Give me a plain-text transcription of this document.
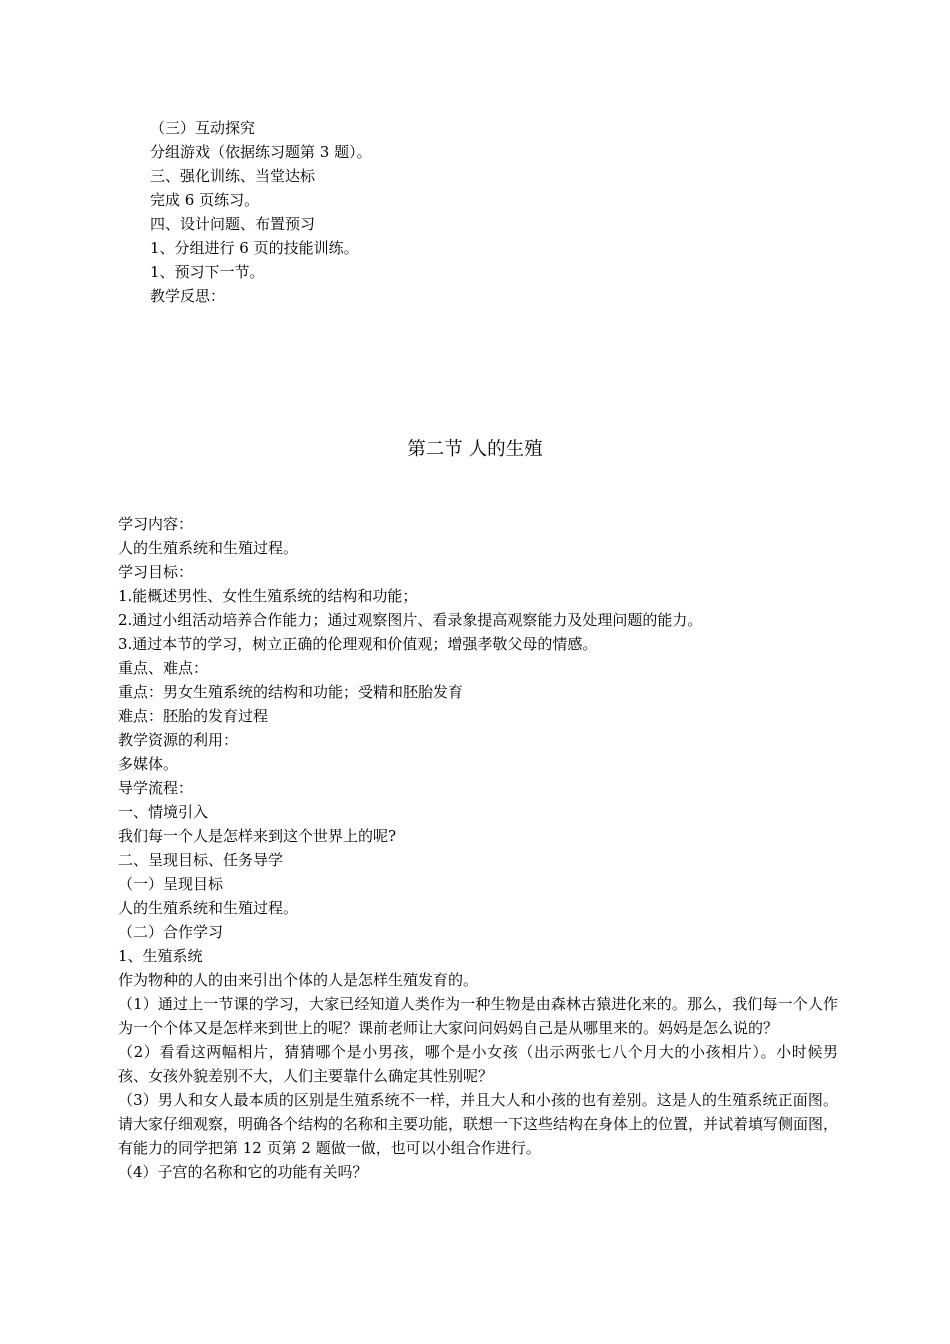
（三）互动探究
分组游戏（依据练习题第 3 题）。
三、强化训练、当堂达标
完成 6 页练习。
四、设计问题、布置预习
1、分组进行 6 页的技能训练。
1、预习下一节。
教学反思：
第二节 人的生殖
学习内容：
人的生殖系统和生殖过程。
学习目标：
1.能概述男性、女性生殖系统的结构和功能；
2.通过小组活动培养合作能力；通过观察图片、看录象提高观察能力及处理问题的能力。
3.通过本节的学习，树立正确的伦理观和价值观；增强孝敬父母的情感。
重点、难点：
重点：男女生殖系统的结构和功能；受精和胚胎发育
难点：胚胎的发育过程
教学资源的利用：
多媒体。
导学流程：
一、情境引入
我们每一个人是怎样来到这个世界上的呢?
二、呈现目标、任务导学
（一）呈现目标
人的生殖系统和生殖过程。
（二）合作学习
1、生殖系统
作为物种的人的由来引出个体的人是怎样生殖发育的。
（1）通过上一节课的学习，大家已经知道人类作为一种生物是由森林古猿进化来的。那么，我们每一个人作为一个个体又是怎样来到世上的呢？课前老师让大家问问妈妈自己是从哪里来的。妈妈是怎么说的？
（2）看看这两幅相片，猜猜哪个是小男孩，哪个是小女孩（出示两张七八个月大的小孩相片）。小时候男孩、女孩外貌差别不大，人们主要靠什么确定其性别呢？
（3）男人和女人最本质的区别是生殖系统不一样，并且大人和小孩的也有差别。这是人的生殖系统正面图。请大家仔细观察，明确各个结构的名称和主要功能，联想一下这些结构在身体上的位置，并试着填写侧面图，有能力的同学把第 12 页第 2 题做一做，也可以小组合作进行。
（4）子宫的名称和它的功能有关吗？
